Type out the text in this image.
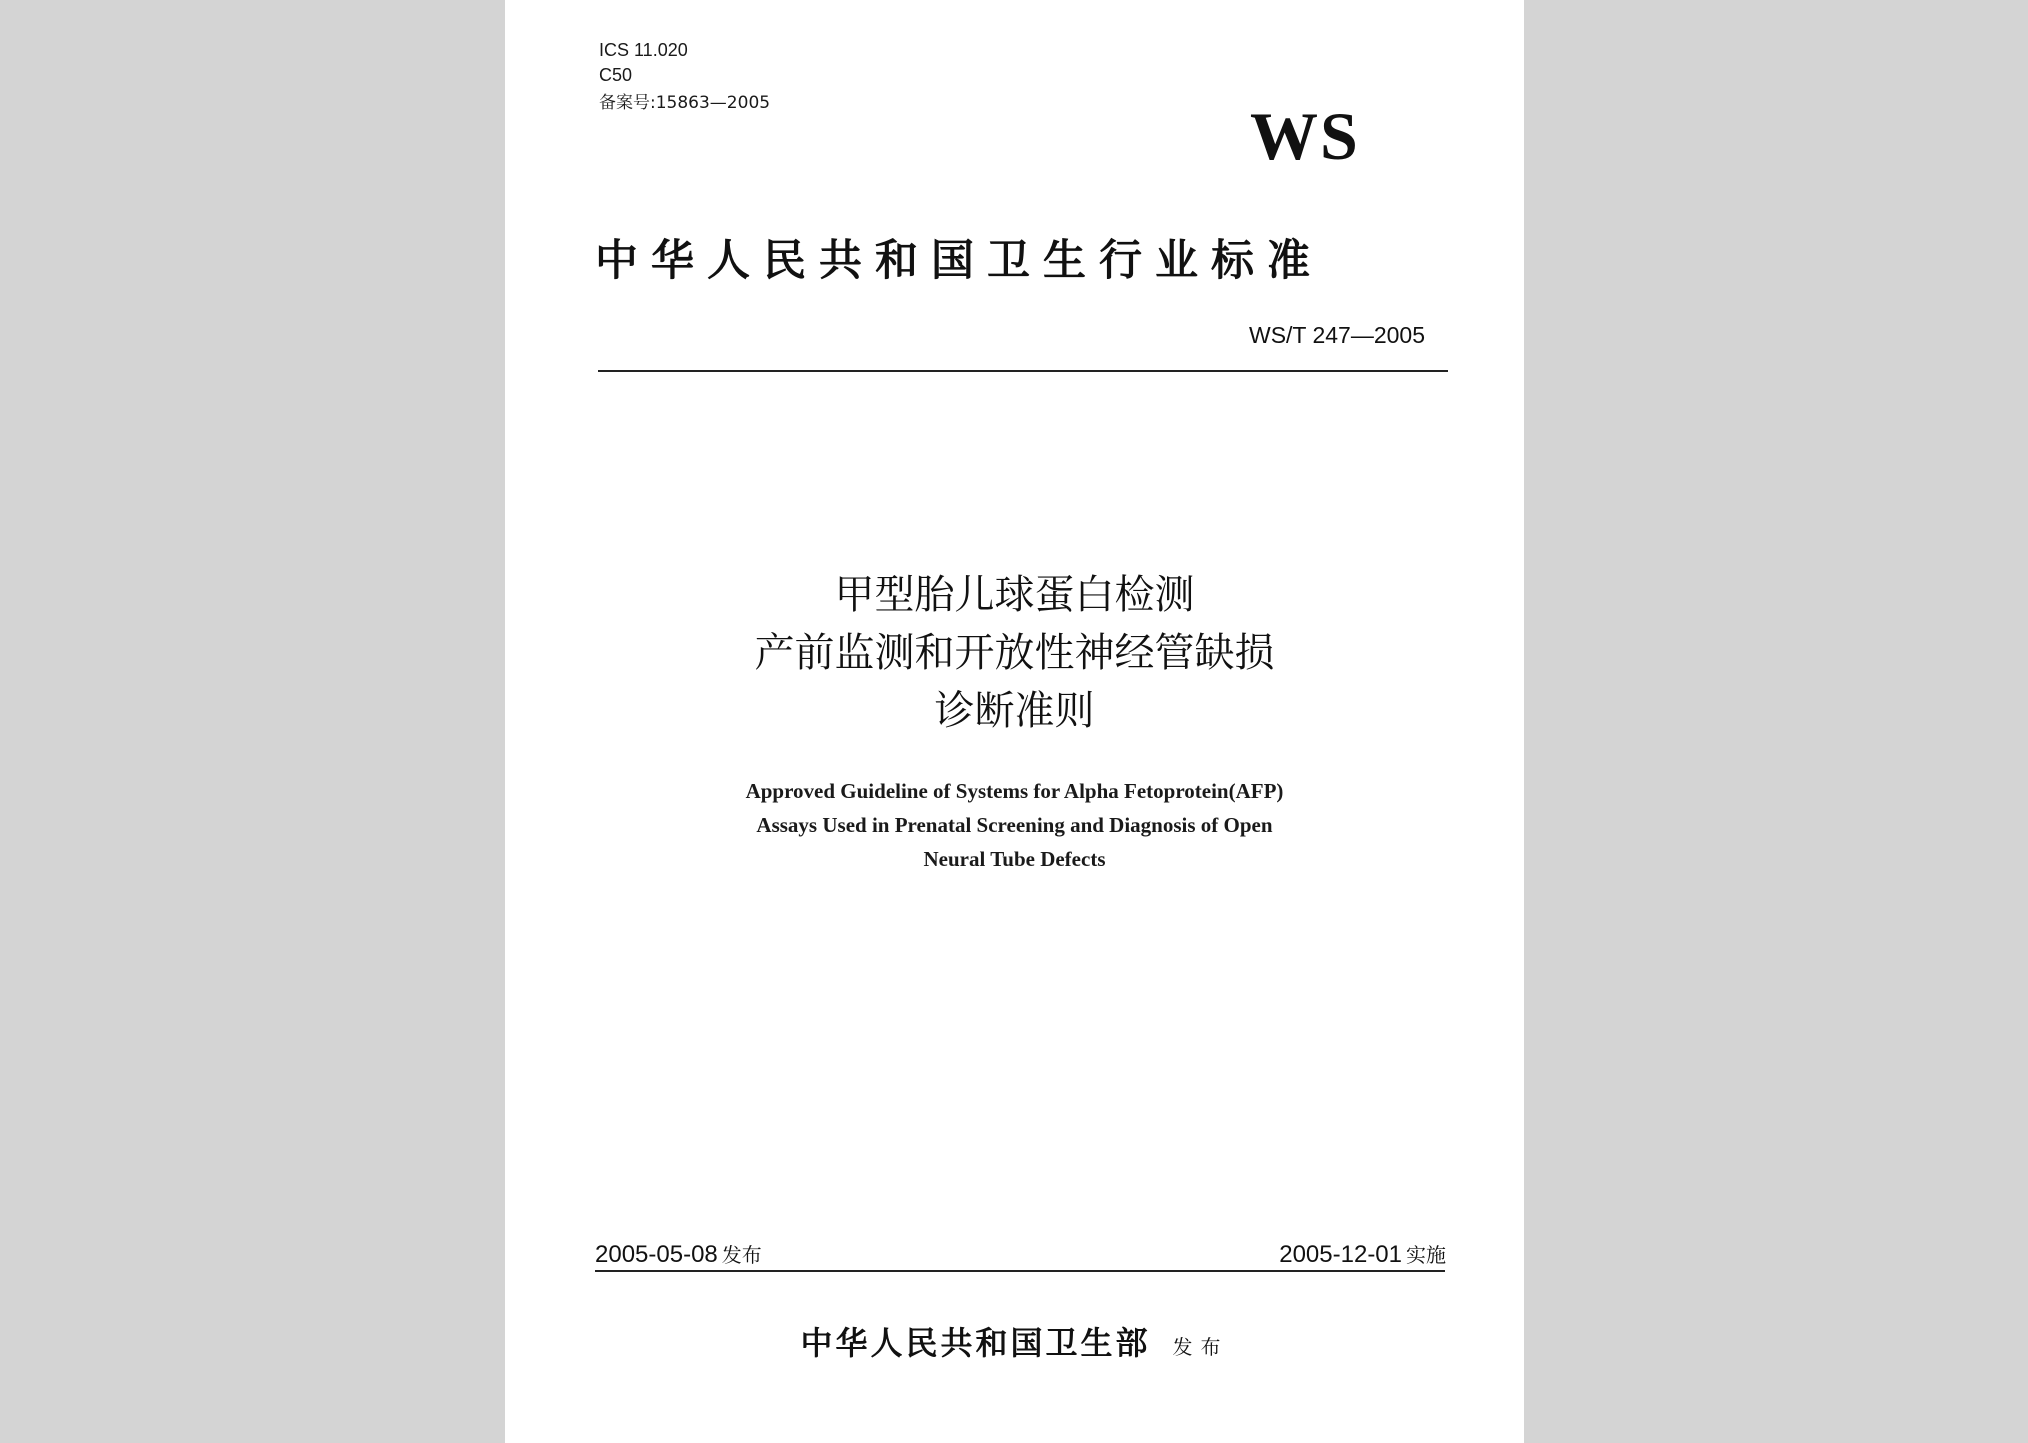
ICS 11.020
C50
备案号:15863—2005	WS
中华人民共和国卫生行业标准
WS/T 247—2005
甲型胎儿球蛋白检测
产前监测和开放性神经管缺损
诊断准则
Approved Guideline of Systems for Alpha Fetoprotein(AFP)
Assays Used in Prenatal Screening and Diagnosis of Open
Neural Tube Defects
2005-05-08 发布	2005-12-01 实施
中华人民共和国卫生部 发布
